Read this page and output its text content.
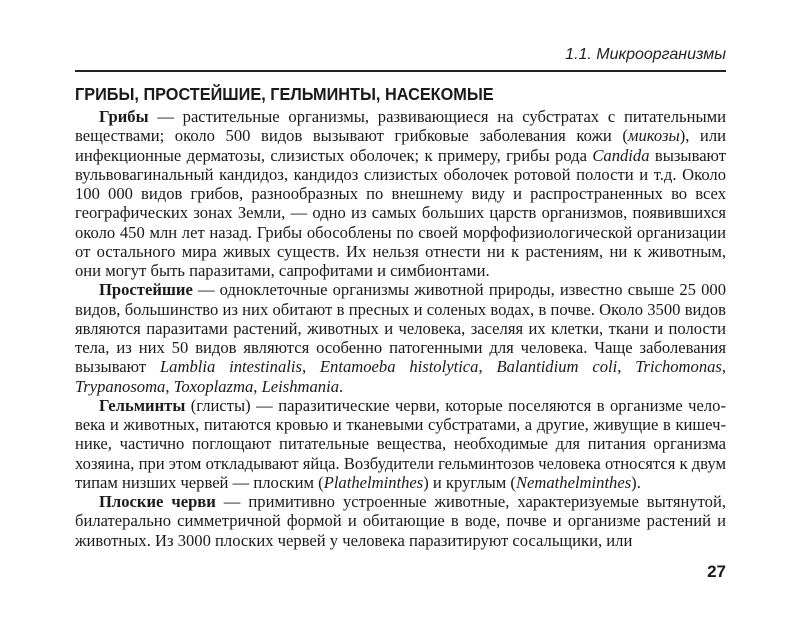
1.1. Микроорганизмы
ГРИБЫ, ПРОСТЕЙШИЕ, ГЕЛЬМИНТЫ, НАСЕКОМЫЕ

Грибы — растительные организмы, развивающиеся на субстратах с питательными веществами; около 500 видов вызывают грибковые заболевания кожи (микозы), или инфекционные дерматозы, слизистых оболочек; к примеру, грибы рода Candida вызывают вульвовагинальный кандидоз, кандидоз слизистых оболочек ротовой полости и т.д. Около 100 000 видов грибов, разнообразных по внешнему виду и распространенных во всех географических зонах Земли, — одно из самых больших царств организмов, появившихся около 450 млн лет назад. Грибы обособлены по своей морфофизиологической организации от остального мира живых существ. Их нельзя отнести ни к растениям, ни к животным, они могут быть паразитами, сапрофитами и симбионтами.

Простейшие — одноклеточные организмы животной природы, известно свыше 25 000 видов, большинство из них обитают в пресных и соленых водах, в почве. Около 3500 видов являются паразитами растений, животных и человека, заселяя их клетки, ткани и полости тела, из них 50 видов являются особенно патогенными для человека. Чаще заболевания вызывают Lamblia intestinalis, Entamoeba histolytica, Balantidium coli, Trichomonas, Trypanosoma, Toxoplazma, Leishmania.

Гельминты (глисты) — паразитические черви, которые поселяются в организме человека и животных, питаются кровью и тканевыми субстратами, а другие, живущие в кишечнике, частично поглощают питательные вещества, необходимые для питания организма хозяина, при этом откладывают яйца. Возбудители гельминтозов человека относятся к двум типам низших червей — плоским (Plathelminthes) и круглым (Nemathelminthes).

Плоские черви — примитивно устроенные животные, характеризуемые вытянутой, билатерально симметричной формой и обитающие в воде, почве и организме растений и животных. Из 3000 плоских червей у человека паразитируют сосальщики, или

27
